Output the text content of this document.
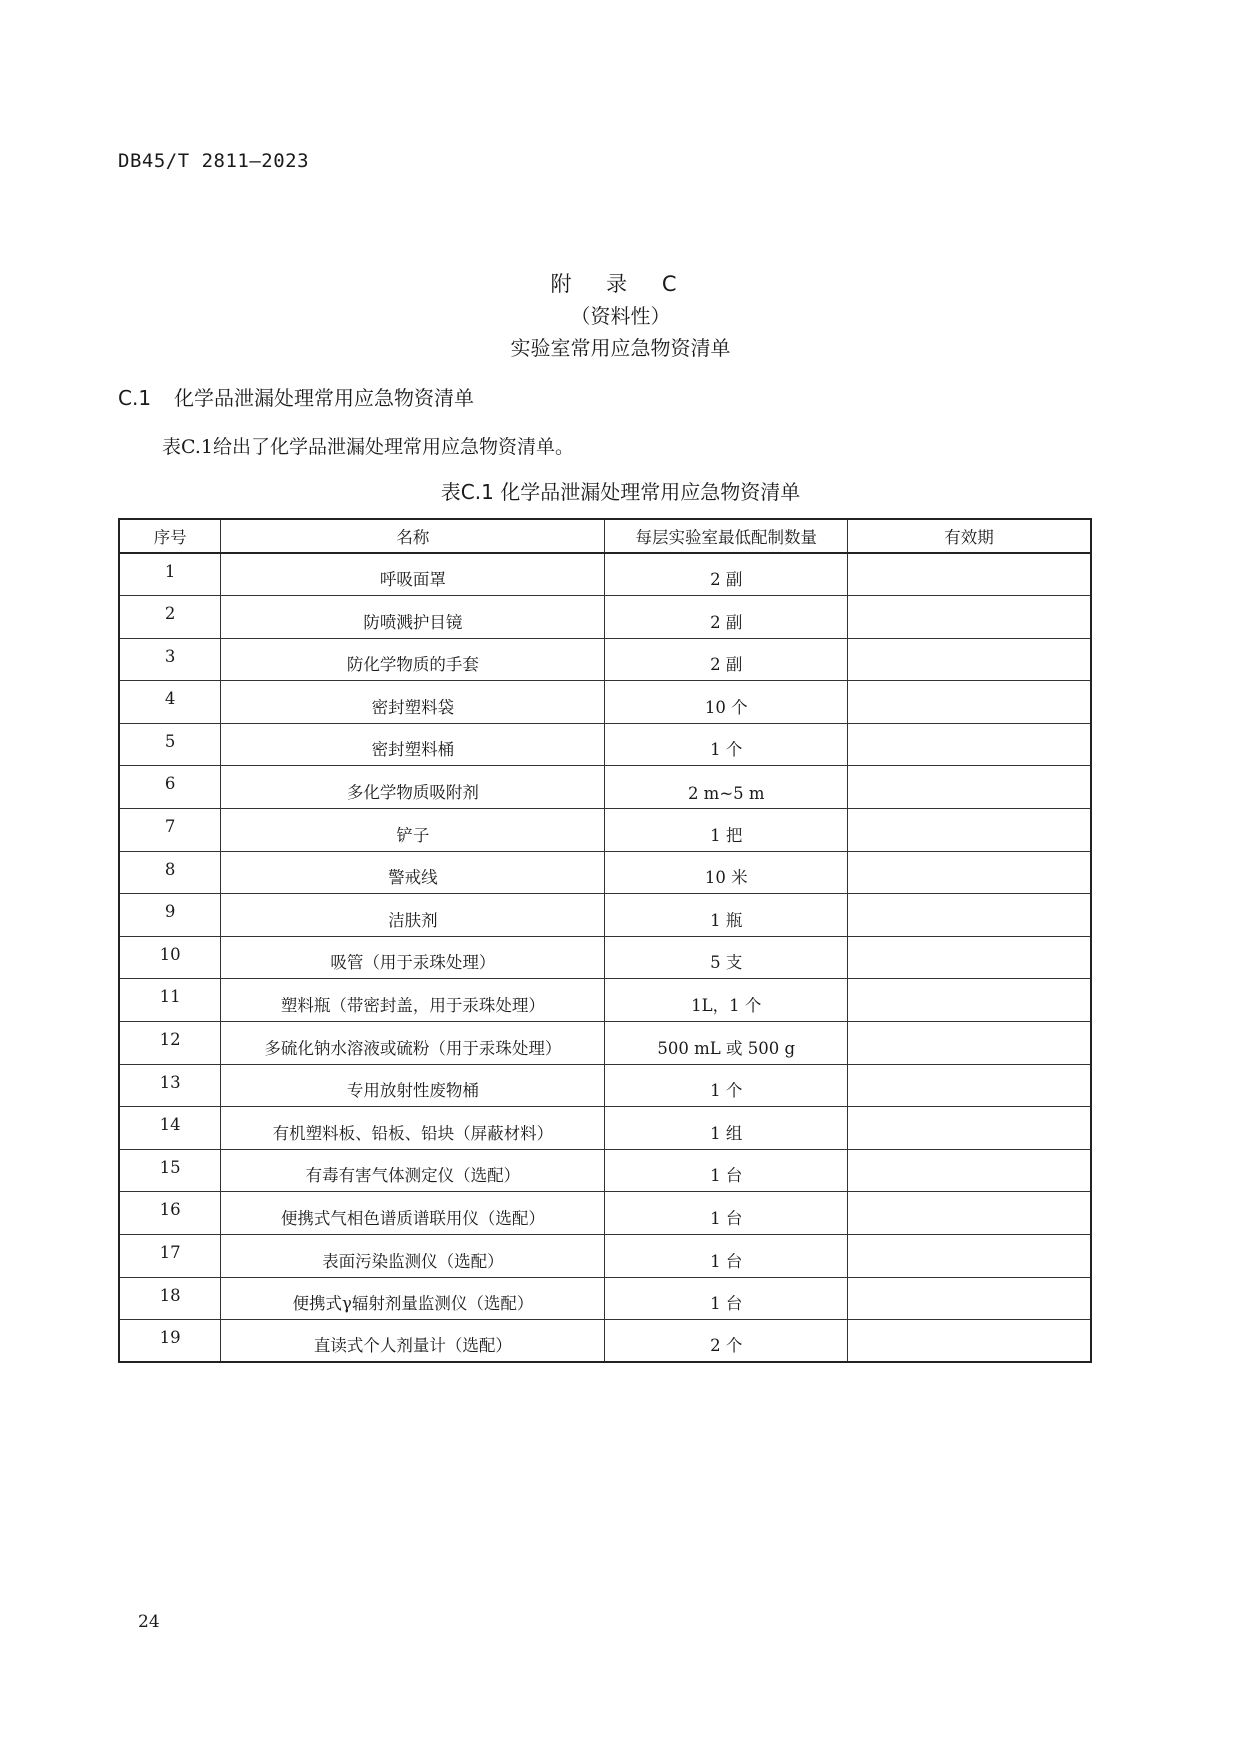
DB45/T 2811—2023
附 录 C
（资料性）
实验室常用应急物资清单
C.1 化学品泄漏处理常用应急物资清单
表C.1给出了化学品泄漏处理常用应急物资清单。
表C.1 化学品泄漏处理常用应急物资清单
序号	名称	每层实验室最低配制数量	有效期
1	呼吸面罩	2 副	
2	防喷溅护目镜	2 副	
3	防化学物质的手套	2 副	
4	密封塑料袋	10 个	
5	密封塑料桶	1 个	
6	多化学物质吸附剂	2 m~5 m	
7	铲子	1 把	
8	警戒线	10 米	
9	洁肤剂	1 瓶	
10	吸管（用于汞珠处理）	5 支	
11	塑料瓶（带密封盖，用于汞珠处理）	1L，1 个	
12	多硫化钠水溶液或硫粉（用于汞珠处理）	500 mL 或 500 g	
13	专用放射性废物桶	1 个	
14	有机塑料板、铅板、铅块（屏蔽材料）	1 组	
15	有毒有害气体测定仪（选配）	1 台	
16	便携式气相色谱质谱联用仪（选配）	1 台	
17	表面污染监测仪（选配）	1 台	
18	便携式γ辐射剂量监测仪（选配）	1 台	
19	直读式个人剂量计（选配）	2 个	
24
